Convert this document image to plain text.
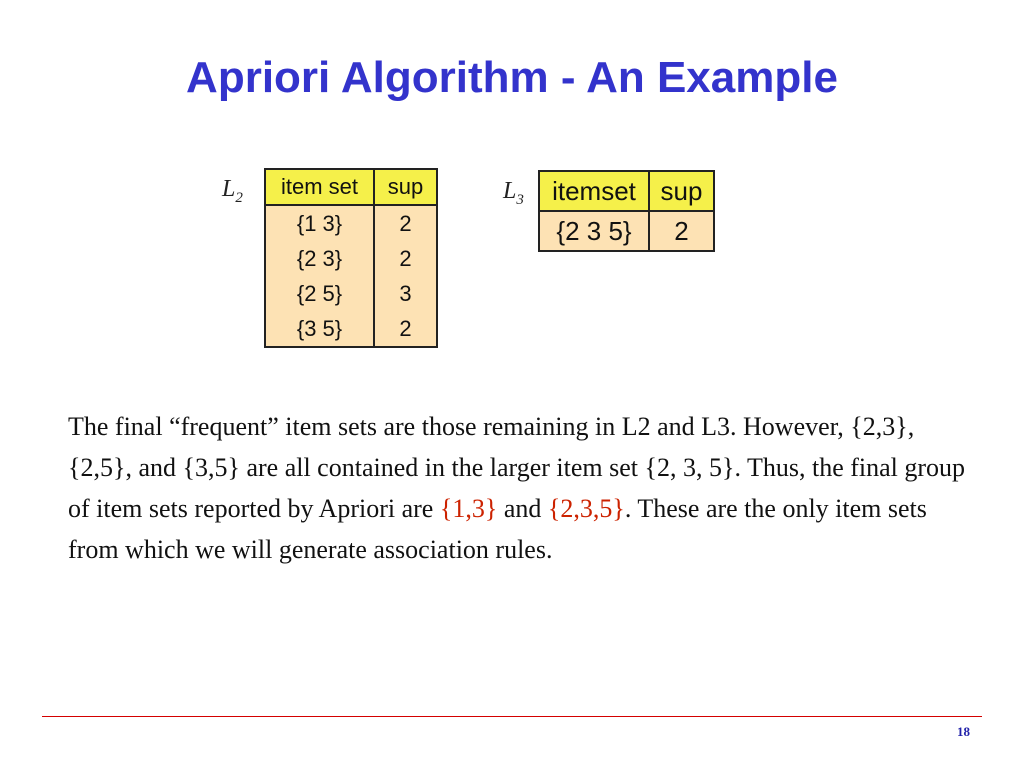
Apriori Algorithm - An Example
$L_2$ item set	sup
{1 3}	2
{2 3}	2
{2 5}	3
{3 5}	2
$L_3$ itemset	sup
{2 3 5}	2

The final “frequent” item sets are those remaining in L2 and L3. However, {2,3}, {2,5}, and {3,5} are all contained in the larger item set {2, 3, 5}. Thus, the final group of item sets reported by Apriori are {1,3} and {2,3,5}. These are the only item sets from which we will generate association rules.

18
